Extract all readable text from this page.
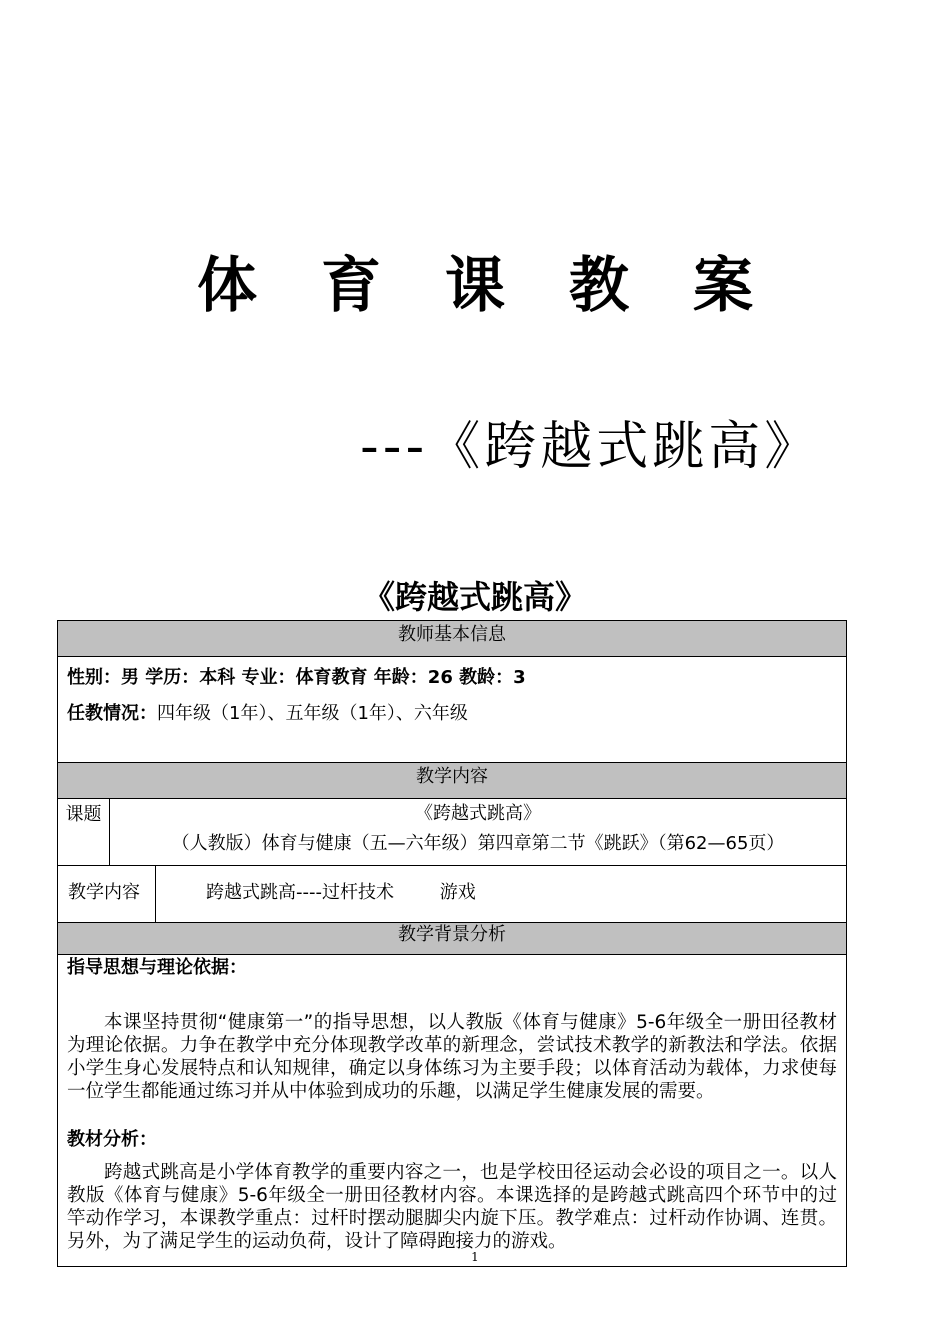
体育课教案
---《跨越式跳高》
《跨越式跳高》
教师基本信息
性别：男 学历：本科 专业：体育教育 年龄：26 教龄：3
任教情况：四年级（1年）、五年级（1年）、六年级
教学内容
课题	《跨越式跳高》
（人教版）体育与健康（五—六年级）第四章第二节《跳跃》（第62—65页）
教学内容	跨越式跳高----过杆技术        游戏
教学背景分析
指导思想与理论依据：
本课坚持贯彻“健康第一”的指导思想，以人教版《体育与健康》5-6年级全一册田径教材为理论依据。力争在教学中充分体现教学改革的新理念，尝试技术教学的新教法和学法。依据小学生身心发展特点和认知规律，确定以身体练习为主要手段；以体育活动为载体，力求使每一位学生都能通过练习并从中体验到成功的乐趣，以满足学生健康发展的需要。
教材分析：
跨越式跳高是小学体育教学的重要内容之一，也是学校田径运动会必设的项目之一。以人教版《体育与健康》5-6年级全一册田径教材内容。本课选择的是跨越式跳高四个环节中的过竿动作学习，本课教学重点：过杆时摆动腿脚尖内旋下压。教学难点：过杆动作协调、连贯。另外，为了满足学生的运动负荷，设计了障碍跑接力的游戏。
1
